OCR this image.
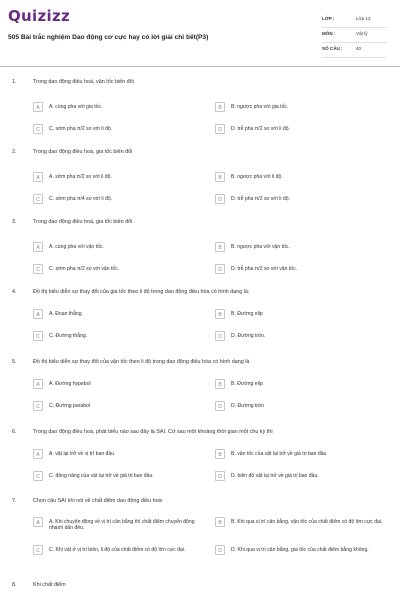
Quizizz
505 Bài trắc nghiệm Dao động cơ cực hay có lời giải chi tiết(P3)
LỚP :	Lớp 12
MÔN :	Vật lý
SỐ CÂU :	40
1.	Trong dao động điều hoà, vận tốc biến đổi
A	A. cùng pha với gia tốc.	B	B. ngược pha với gia tốc.
C	C. sớm pha π/2 so với li độ.	D	D. trễ pha π/2 so với li độ.
2.	Trong dao động điều hoà, gia tốc biến đổi
A	A. sớm pha π/2 so với li độ.	B	B. ngược pha với li độ.
C	C. sớm pha π/4 so với li độ.	D	D. trễ pha π/2 so với li độ.
3.	Trong dao động điều hoà, gia tốc biến đổi
A	A. cùng pha với vận tốc.	B	B. ngược pha với vận tốc.
C	C. sớm pha π/2 so với vận tốc.	D	D. trễ pha π/2 so với vận tốc.
4.	Đồ thị biểu diễn sự thay đổi của gia tốc theo li độ trong dao động điều hòa có hình dạng là:
A	A. Đoạn thẳng.	B	B. Đường elip
C	C. Đường thẳng.	D	D. Đường tròn.
5.	Đồ thị biểu diễn sự thay đổi của vận tốc theo li độ trong dao động điều hòa có hình dạng là
A	A. Đường hypebol	B	B. Đường elip
C	C. Đường parabol	D	D. Đường tròn
6.	Trong dao động điều hoà, phát biểu nào sau đây là SAI. Cứ sau một khoảng thời gian một chu kỳ thì
A	A. vật lại trở về vị trí ban đầu	B	B. vận tốc của vật lại trở về giá trị ban đầu
C	C. động năng của vật lại trở về giá trị ban đầu.	D	D. biên độ vật lại trở về giá trị ban đầu.
7.	Chọn câu SAI khi nói về chất điểm dao động điều hoà:
A	A. Khi chuyển động về vị trí cân bằng thì chất điểm chuyển động nhanh dần đều.
B	B. Khi qua vị trí cân bằng, vận tốc của chất điểm có độ lớn cực đại.
C	C. Khi vật ở vị trí biên, li độ của chất điểm có độ lớn cực đại.	D	D. Khi qua vị trí cân bằng, gia tốc của chất điểm bằng không.
8.	Khi chất điểm
